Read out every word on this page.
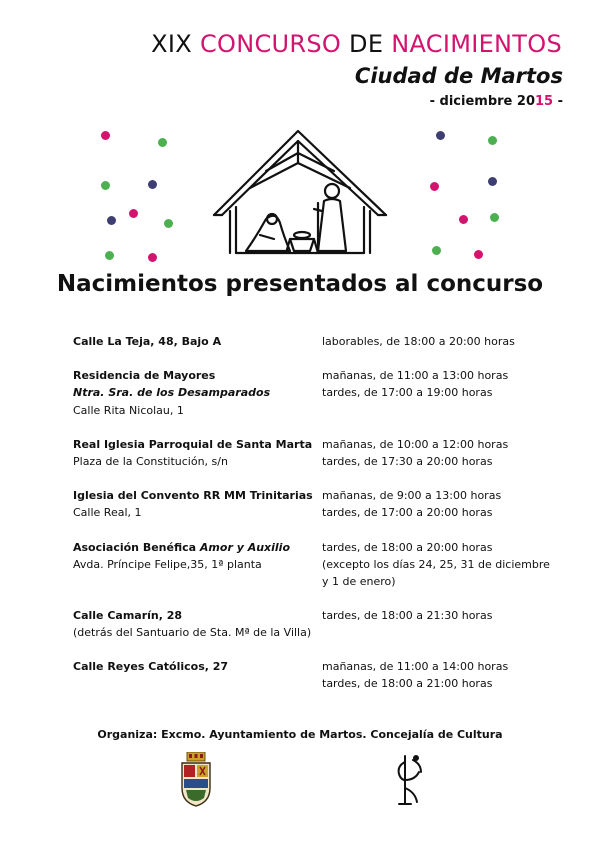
XIX CONCURSO DE NACIMIENTOS
Ciudad de Martos
- diciembre 2015 -
Nacimientos presentados al concurso
Calle La Teja, 48, Bajo A	laborables, de 18:00 a 20:00 horas
Residencia de Mayores
Ntra. Sra. de los Desamparados
Calle Rita Nicolau, 1
mañanas, de 11:00 a 13:00 horas
tardes, de 17:00 a 19:00 horas
Real Iglesia Parroquial de Santa Marta
Plaza de la Constitución, s/n
mañanas, de 10:00 a 12:00 horas
tardes, de 17:30 a 20:00 horas
Iglesia del Convento RR MM Trinitarias
Calle Real, 1
mañanas, de 9:00 a 13:00 horas
tardes, de 17:00 a 20:00 horas
Asociación Benéfica Amor y Auxilio
Avda. Príncipe Felipe,35, 1ª planta
tardes, de 18:00 a 20:00 horas
(excepto los días 24, 25, 31 de diciembre
y 1 de enero)
Calle Camarín, 28
(detrás del Santuario de Sta. Mª de la Villa)
tardes, de 18:00 a 21:30 horas
Calle Reyes Católicos, 27	mañanas, de 11:00 a 14:00 horas
tardes, de 18:00 a 21:00 horas
Organiza: Excmo. Ayuntamiento de Martos. Concejalía de Cultura
